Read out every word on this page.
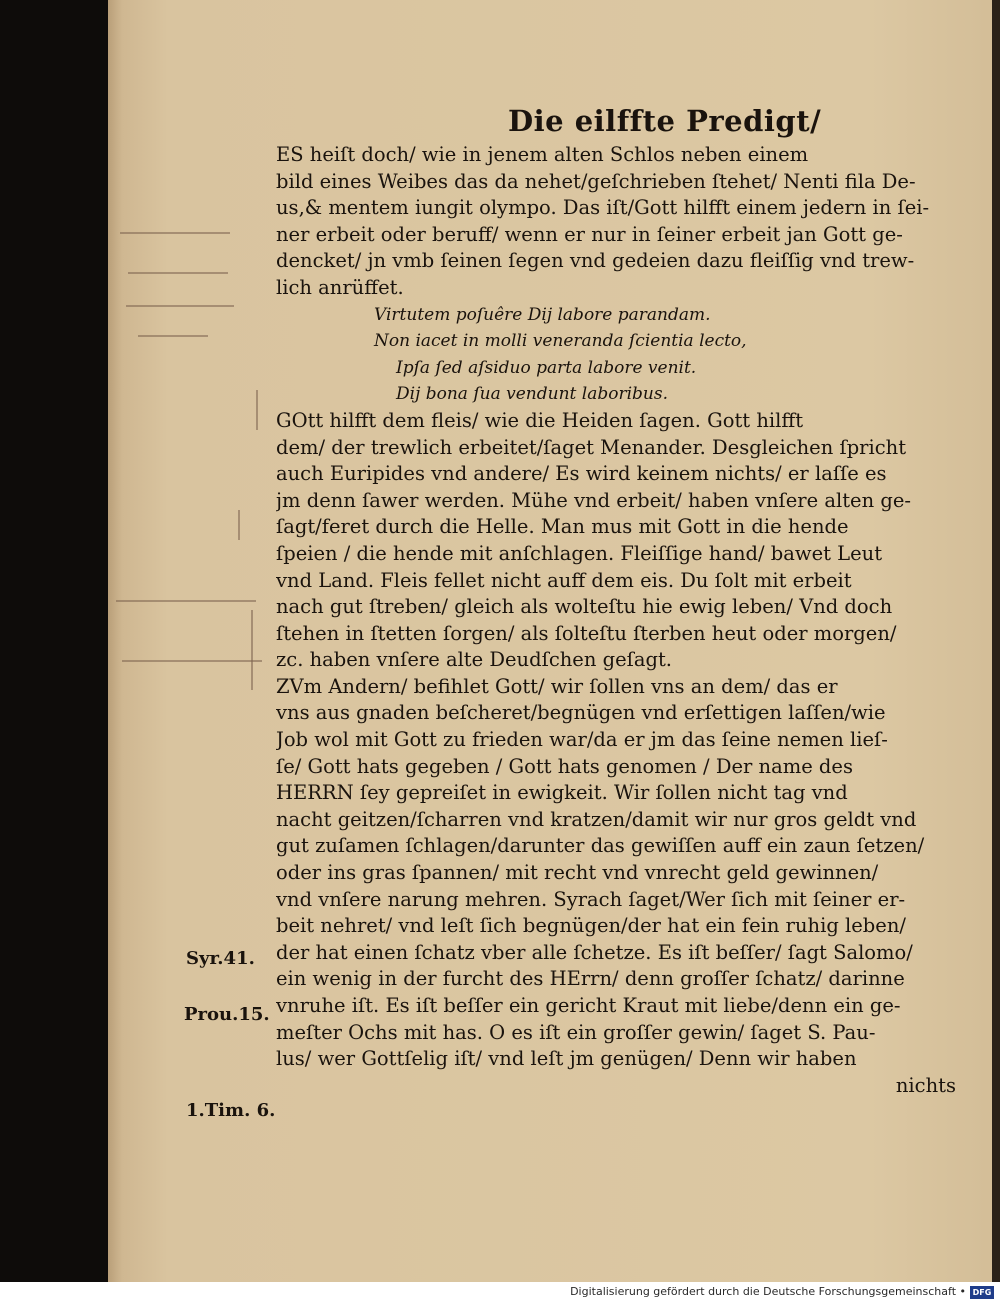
Die eilffte Predigt/
ES heiſt doch/ wie in jenem alten Schlos neben einem
bild eines Weibes das da nehet/geſchrieben ſtehet/ Nenti fila De-
us,& mentem iungit olympo. Das iſt/Gott hilfft einem jedern in ſei-
ner erbeit oder beruff/ wenn er nur in ſeiner erbeit jan Gott ge-
dencket/ jn vmb ſeinen ſegen vnd gedeien dazu fleiſſig vnd trew-
lich anrüffet.
Virtutem poſuêre Dij labore parandam.
Non iacet in molli veneranda ſcientia lecto,
Ipſa ſed aſsiduo parta labore venit.
Dij bona ſua vendunt laboribus.
GOtt hilfft dem fleis/ wie die Heiden ſagen. Gott hilfft
dem/ der trewlich erbeitet/ſaget Menander. Desgleichen ſpricht
auch Euripides vnd andere/ Es wird keinem nichts/ er laſſe es
jm denn ſawer werden. Mühe vnd erbeit/ haben vnſere alten ge-
ſagt/feret durch die Helle. Man mus mit Gott in die hende
ſpeien / die hende mit anſchlagen. Fleiſſige hand/ bawet Leut
vnd Land. Fleis fellet nicht auff dem eis. Du ſolt mit erbeit
nach gut ſtreben/ gleich als wolteſtu hie ewig leben/ Vnd doch
ſtehen in ſtetten ſorgen/ als ſolteſtu ſterben heut oder morgen/
zc. haben vnſere alte Deudſchen geſagt.
ZVm Andern/ befihlet Gott/ wir ſollen vns an dem/ das er
vns aus gnaden beſcheret/begnügen vnd erſettigen laſſen/wie
Job wol mit Gott zu frieden war/da er jm das ſeine nemen lieſ-
ſe/ Gott hats gegeben / Gott hats genomen / Der name des
HERRN ſey gepreiſet in ewigkeit. Wir ſollen nicht tag vnd
nacht geitzen/ſcharren vnd kratzen/damit wir nur gros geldt vnd
gut zuſamen ſchlagen/darunter das gewiſſen auff ein zaun ſetzen/
oder ins gras ſpannen/ mit recht vnd vnrecht geld gewinnen/
vnd vnſere narung mehren. Syrach ſaget/Wer ſich mit ſeiner er-
beit nehret/ vnd leſt ſich begnügen/der hat ein fein ruhig leben/
der hat einen ſchatz vber alle ſchetze. Es iſt beſſer/ ſagt Salomo/
ein wenig in der furcht des HErrn/ denn groſſer ſchatz/ darinne
vnruhe iſt. Es iſt beſſer ein gericht Kraut mit liebe/denn ein ge-
meſter Ochs mit has. O es iſt ein groſſer gewin/ ſaget S. Pau-
lus/ wer Gottſelig iſt/ vnd leſt jm genügen/ Denn wir haben
nichts
Syr.41.
Prou.15.
1.Tim. 6.
Digitalisierung gefördert durch die Deutsche Forschungsgemeinschaft • DFG
